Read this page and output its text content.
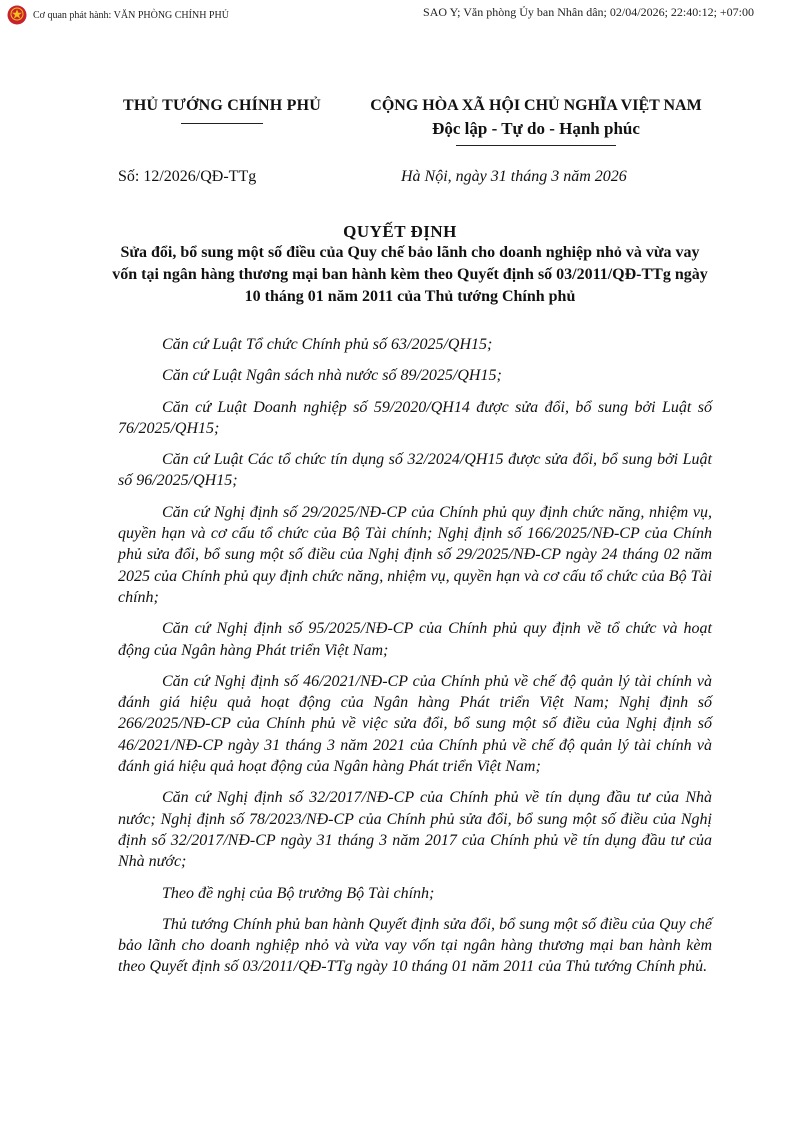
Cơ quan phát hành: VĂN PHÒNG CHÍNH PHỦ	SAO Y; Văn phòng Ủy ban Nhân dân; 02/04/2026; 22:40:12; +07:00
THỦ TƯỚNG CHÍNH PHỦ	CỘNG HÒA XÃ HỘI CHỦ NGHĨA VIỆT NAM
Độc lập - Tự do - Hạnh phúc
Số: 12/2026/QĐ-TTg	Hà Nội, ngày 31 tháng 3 năm 2026
QUYẾT ĐỊNH
Sửa đổi, bổ sung một số điều của Quy chế bảo lãnh cho doanh nghiệp nhỏ và vừa vay vốn tại ngân hàng thương mại ban hành kèm theo Quyết định số 03/2011/QĐ-TTg ngày 10 tháng 01 năm 2011 của Thủ tướng Chính phủ

Căn cứ Luật Tổ chức Chính phủ số 63/2025/QH15;

Căn cứ Luật Ngân sách nhà nước số 89/2025/QH15;

Căn cứ Luật Doanh nghiệp số 59/2020/QH14 được sửa đổi, bổ sung bởi Luật số 76/2025/QH15;

Căn cứ Luật Các tổ chức tín dụng số 32/2024/QH15 được sửa đổi, bổ sung bởi Luật số 96/2025/QH15;

Căn cứ Nghị định số 29/2025/NĐ-CP của Chính phủ quy định chức năng, nhiệm vụ, quyền hạn và cơ cấu tổ chức của Bộ Tài chính; Nghị định số 166/2025/NĐ-CP của Chính phủ sửa đổi, bổ sung một số điều của Nghị định số 29/2025/NĐ-CP ngày 24 tháng 02 năm 2025 của Chính phủ quy định chức năng, nhiệm vụ, quyền hạn và cơ cấu tổ chức của Bộ Tài chính;

Căn cứ Nghị định số 95/2025/NĐ-CP của Chính phủ quy định về tổ chức và hoạt động của Ngân hàng Phát triển Việt Nam;

Căn cứ Nghị định số 46/2021/NĐ-CP của Chính phủ về chế độ quản lý tài chính và đánh giá hiệu quả hoạt động của Ngân hàng Phát triển Việt Nam; Nghị định số 266/2025/NĐ-CP của Chính phủ về việc sửa đổi, bổ sung một số điều của Nghị định số 46/2021/NĐ-CP ngày 31 tháng 3 năm 2021 của Chính phủ về chế độ quản lý tài chính và đánh giá hiệu quả hoạt động của Ngân hàng Phát triển Việt Nam;

Căn cứ Nghị định số 32/2017/NĐ-CP của Chính phủ về tín dụng đầu tư của Nhà nước; Nghị định số 78/2023/NĐ-CP của Chính phủ sửa đổi, bổ sung một số điều của Nghị định số 32/2017/NĐ-CP ngày 31 tháng 3 năm 2017 của Chính phủ về tín dụng đầu tư của Nhà nước;

Theo đề nghị của Bộ trưởng Bộ Tài chính;

Thủ tướng Chính phủ ban hành Quyết định sửa đổi, bổ sung một số điều của Quy chế bảo lãnh cho doanh nghiệp nhỏ và vừa vay vốn tại ngân hàng thương mại ban hành kèm theo Quyết định số 03/2011/QĐ-TTg ngày 10 tháng 01 năm 2011 của Thủ tướng Chính phủ.
